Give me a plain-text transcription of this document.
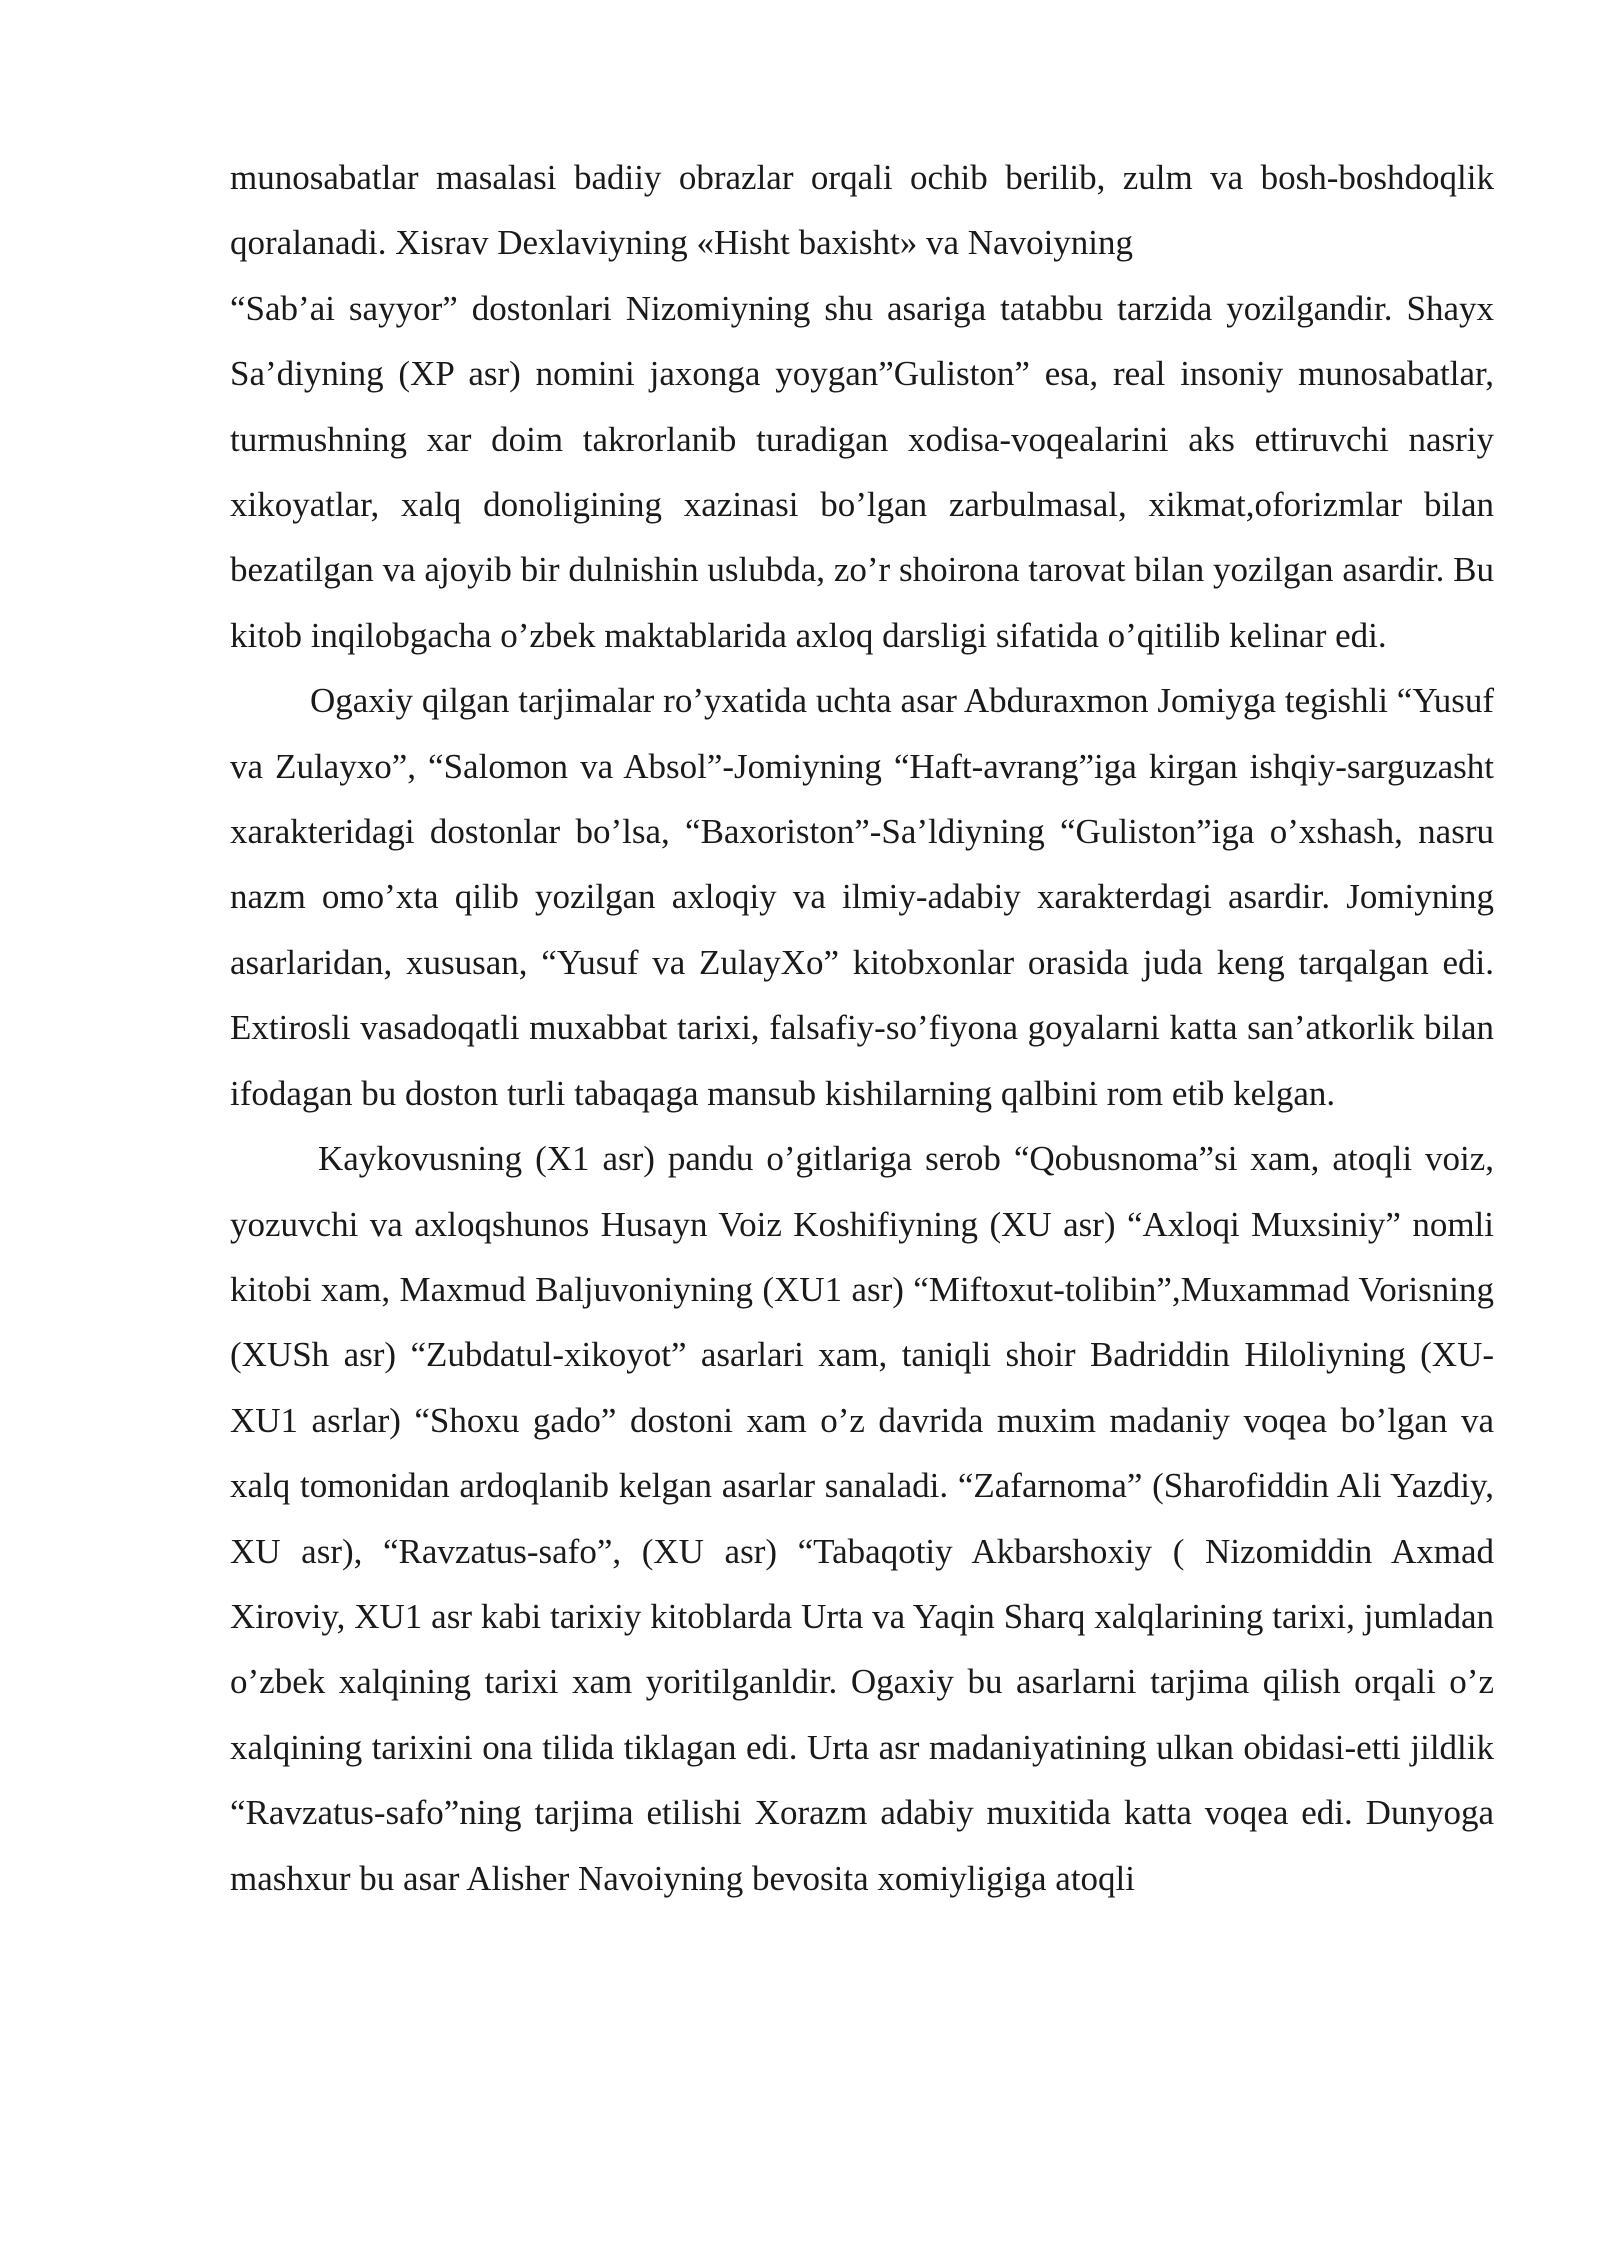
munosabatlar masalasi badiiy obrazlar orqali ochib berilib, zulm va bosh-boshdoqlik qoralanadi. Xisrav Dexlaviyning «Hisht baxisht» va Navoiyning
“Sab’ai sayyor” dostonlari Nizomiyning shu asariga tatabbu tarzida yozilgandir. Shayx Sa’diyning (XP asr) nomini jaxonga yoygan”Guliston” esa, real insoniy munosabatlar, turmushning xar doim takrorlanib turadigan xodisa-voqealarini aks ettiruvchi nasriy xikoyatlar, xalq donoligining xazinasi bo’lgan zarbulmasal, xikmat,oforizmlar bilan bezatilgan va ajoyib bir dulnishin uslubda, zo’r shoirona tarovat bilan yozilgan asardir. Bu kitob inqilobgacha o’zbek maktablarida axloq darsligi sifatida o’qitilib kelinar edi.

Ogaxiy qilgan tarjimalar ro’yxatida uchta asar Abduraxmon Jomiyga tegishli “Yusuf va Zulayxo”, “Salomon va Absol”-Jomiyning “Haft-avrang”iga kirgan ishqiy-sarguzasht xarakteridagi dostonlar bo’lsa, “Baxoriston”-Sa’ldiyning “Guliston”iga o’xshash, nasru nazm omo’xta qilib yozilgan axloqiy va ilmiy-adabiy xarakterdagi asardir. Jomiyning asarlaridan, xususan, “Yusuf va ZulayXo” kitobxonlar orasida juda keng tarqalgan edi. Extirosli vasadoqatli muxabbat tarixi, falsafiy-so’fiyona goyalarni katta san’atkorlik bilan ifodagan bu doston turli tabaqaga mansub kishilarning qalbini rom etib kelgan.

Kaykovusning (X1 asr) pandu o’gitlariga serob “Qobusnoma”si xam, atoqli voiz, yozuvchi va axloqshunos Husayn Voiz Koshifiyning (XU asr) “Axloqi Muxsiniy” nomli kitobi xam, Maxmud Baljuvoniyning (XU1 asr) “Miftoxut-tolibin”,Muxammad Vorisning (XUSh asr) “Zubdatul-xikoyot” asarlari xam, taniqli shoir Badriddin Hiloliyning (XU-XU1 asrlar) “Shoxu gado” dostoni xam o’z davrida muxim madaniy voqea bo’lgan va xalq tomonidan ardoqlanib kelgan asarlar sanaladi. “Zafarnoma” (Sharofiddin Ali Yazdiy, XU asr), “Ravzatus-safo”, (XU asr) “Tabaqotiy Akbarshoxiy ( Nizomiddin Axmad Xiroviy, XU1 asr kabi tarixiy kitoblarda Urta va Yaqin Sharq xalqlarining tarixi, jumladan o’zbek xalqining tarixi xam yoritilganldir. Ogaxiy bu asarlarni tarjima qilish orqali o’z xalqining tarixini ona tilida tiklagan edi. Urta asr madaniyatining ulkan obidasi-etti jildlik “Ravzatus-safo”ning tarjima etilishi Xorazm adabiy muxitida katta voqea edi. Dunyoga mashxur bu asar Alisher Navoiyning bevosita xomiyligiga atoqli
